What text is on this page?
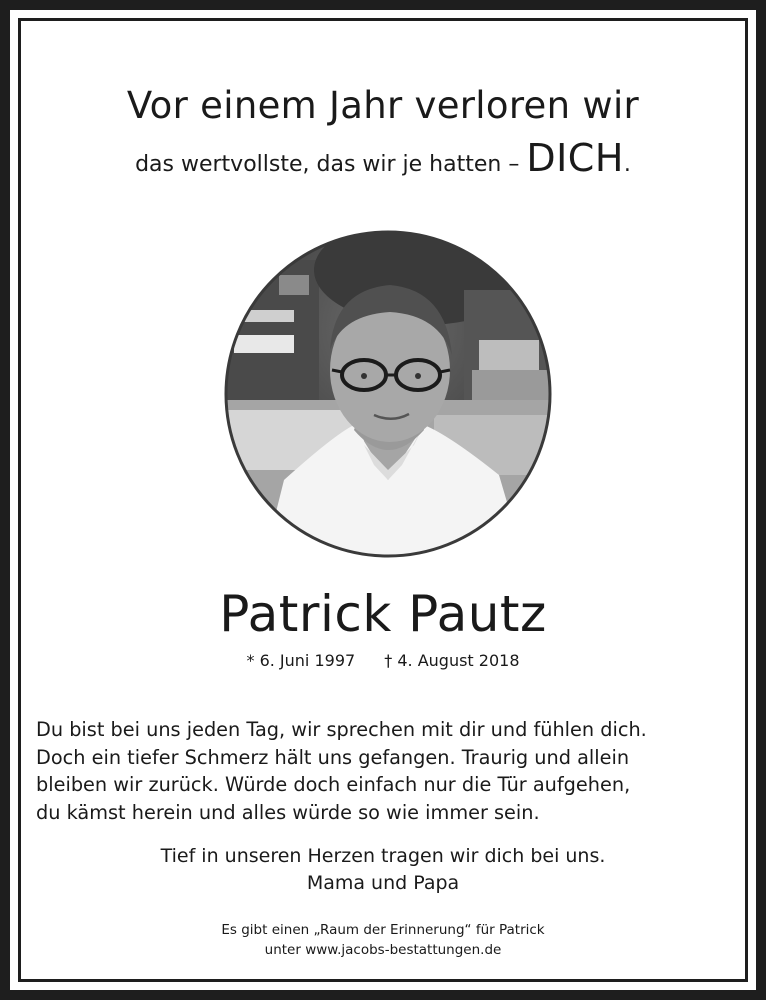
Vor einem Jahr verloren wir
das wertvollste, das wir je hatten – DICH.
Patrick Pautz
* 6. Juni 1997 † 4. August 2018
Du bist bei uns jeden Tag, wir sprechen mit dir und fühlen dich.
Doch ein tiefer Schmerz hält uns gefangen. Traurig und allein
bleiben wir zurück. Würde doch einfach nur die Tür aufgehen,
du kämst herein und alles würde so wie immer sein.
Tief in unseren Herzen tragen wir dich bei uns.
Mama und Papa
Es gibt einen „Raum der Erinnerung“ für Patrick
unter www.jacobs-bestattungen.de
